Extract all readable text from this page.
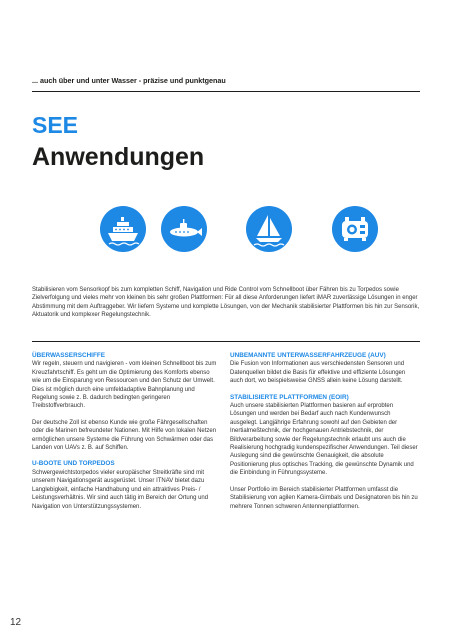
... auch über und unter Wasser - präzise und punktgenau

SEE
Anwendungen

Stabilisieren vom Sensorkopf bis zum kompletten Schiff, Navigation und Ride Control vom Schnellboot über Fähren bis zu Torpedos sowie Zielverfolgung und vieles mehr von kleinen bis sehr großen Plattformen: Für all diese Anforderungen liefert iMAR zuverlässige Lösungen in enger Abstimmung mit dem Auftraggeber. Wir liefern Systeme und komplette Lösungen, von der Mechanik stabilisierter Plattformen bis hin zur Sensorik, Aktuatorik und komplexer Regelungstechnik.

ÜBERWASSERSCHIFFE

Wir regeln, steuern und navigieren - vom kleinen Schnellboot bis zum Kreuzfahrtschiff. Es geht um die Optimierung des Komforts ebenso wie um die Einsparung von Ressourcen und den Schutz der Umwelt. Dies ist möglich durch eine umfeldadaptive Bahnplanung und Regelung sowie z. B. dadurch bedingten geringeren Treibstoffverbrauch.

Der deutsche Zoll ist ebenso Kunde wie große Fährgesellschaften oder die Marinen befreundeter Nationen. Mit Hilfe von lokalen Netzen ermöglichen unsere Systeme die Führung von Schwärmen oder das Landen von UAVs z. B. auf Schiffen.

U-BOOTE UND TORPEDOS

Schwergewichtstorpedos vieler europäischer Streitkräfte sind mit unserem Navigationsgerät ausgerüstet. Unser ITNAV bietet dazu Langlebigkeit, einfache Handhabung und ein attraktives Preis- / Leistungsverhältnis. Wir sind auch tätig im Bereich der Ortung und Navigation von Unterstützungssystemen.

UNBEMANNTE UNTERWASSERFAHRZEUGE (AUV)

Die Fusion von Informationen aus verschiedensten Sensoren und Datenquellen bildet die Basis für effektive und effiziente Lösungen auch dort, wo beispielsweise GNSS allein keine Lösung darstellt.

STABILISIERTE PLATTFORMEN (EOIR)

Auch unsere stabilisierten Plattformen basieren auf erprobten Lösungen und werden bei Bedarf auch nach Kundenwunsch ausgelegt. Langjährige Erfahrung sowohl auf den Gebieten der Inertialmeßtechnik, der hochgenauen Antriebstechnik, der Bildverarbeitung sowie der Regelungstechnik erlaubt uns auch die Realisierung hochgradig kundenspezifischer Anwendungen. Teil dieser Auslegung sind die gewünschte Genauigkeit, die absolute Positionierung plus optisches Tracking, die gewünschte Dynamik und die Einbindung in Führungssysteme.

Unser Portfolio im Bereich stabilisierter Plattformen umfasst die Stabilisierung von agilen Kamera-Gimbals und Designatoren bis hin zu mehrere Tonnen schweren Antennenplattformen.

12
